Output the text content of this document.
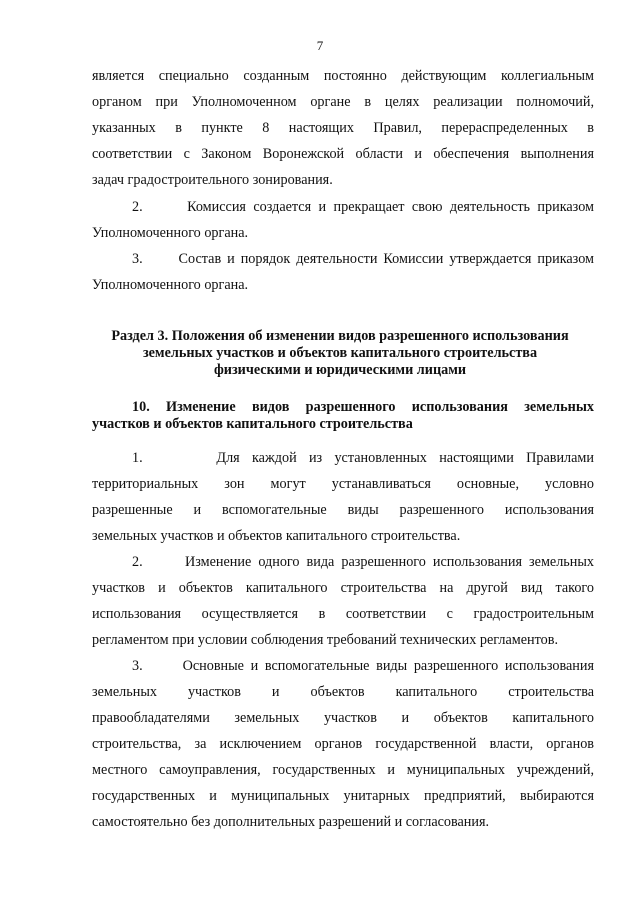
7
является специально созданным постоянно действующим коллегиальным
органом при Уполномоченном органе в целях реализации полномочий,
указанных в пункте 8 настоящих Правил, перераспределенных в
соответствии с Законом Воронежской области и обеспечения выполнения
задач градостроительного зонирования.
2.      Комиссия создается и прекращает свою деятельность приказом
Уполномоченного органа.
3.      Состав и порядок деятельности Комиссии утверждается приказом
Уполномоченного органа.
Раздел 3. Положения об изменении видов разрешенного использования
земельных участков и объектов капитального строительства
физическими и юридическими лицами
10. Изменение видов разрешенного использования земельных
участков и объектов капитального строительства
1.      Для каждой из установленных настоящими Правилами
территориальных зон могут устанавливаться основные, условно
разрешенные и вспомогательные виды разрешенного использования
земельных участков и объектов капитального строительства.
2.      Изменение одного вида разрешенного использования земельных
участков и объектов капитального строительства на другой вид такого
использования осуществляется в соответствии с градостроительным
регламентом при условии соблюдения требований технических регламентов.
3.      Основные и вспомогательные виды разрешенного использования
земельных участков и объектов капитального строительства
правообладателями земельных участков и объектов капитального
строительства, за исключением органов государственной власти, органов
местного самоуправления, государственных и муниципальных учреждений,
государственных и муниципальных унитарных предприятий, выбираются
самостоятельно без дополнительных разрешений и согласования.
